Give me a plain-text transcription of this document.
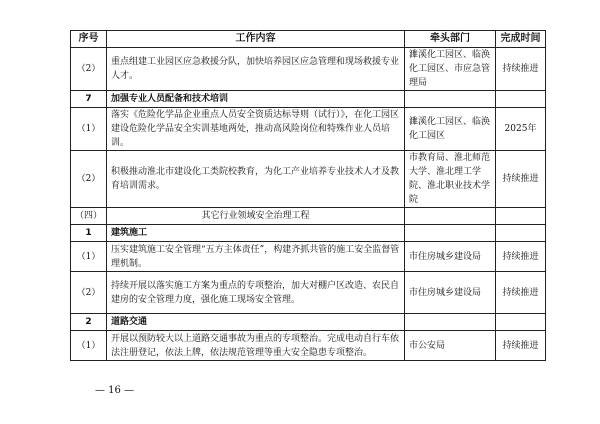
序号	工作内容	牵头部门	完成时间
（2）	重点组建工业园区应急救援分队，加快培养园区应急管理和现场救援专业人才。	濉溪化工园区、临涣化工园区、市应急管理局	持续推进
7	加强专业人员配备和技术培训		
（1）	落实《危险化学品企业重点人员安全资质达标导则（试行）》，在化工园区建设危险化学品安全实训基地两处，推动高风险岗位和特殊作业人员培训。	濉溪化工园区、临涣化工园区	2025年
（2）	积极推动淮北市建设化工类院校教育，为化工产业培养专业技术人才及教育培训需求。	市教育局、淮北师范大学、淮北理工学院、淮北职业技术学院	持续推进
（四）	其它行业领域安全治理工程		
1	建筑施工		
（1）	压实建筑施工安全管理“五方主体责任”，构建齐抓共管的施工安全监督管理机制。	市住房城乡建设局	持续推进
（2）	持续开展以落实施工方案为重点的专项整治，加大对棚户区改造、农民自建房的安全管理力度，强化施工现场安全管理。	市住房城乡建设局	持续推进
2	道路交通		
（1）	开展以预防较大以上道路交通事故为重点的专项整治。完成电动自行车依法注册登记，依法上牌，依法规范管理等重大安全隐患专项整治。	市公安局	持续推进
— 16 —
